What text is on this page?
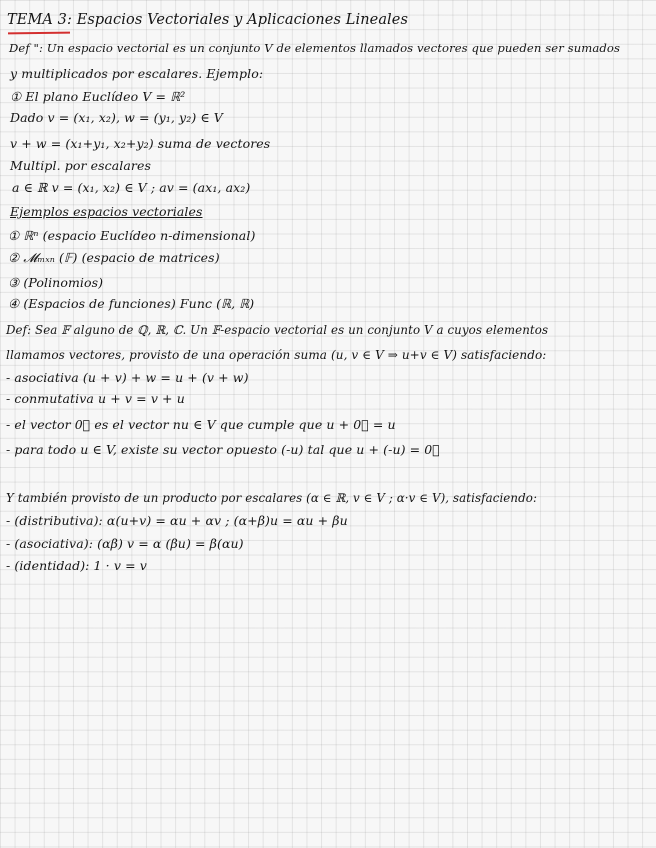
TEMA 3: Espacios Vectoriales y Aplicaciones Lineales
Def ": Un espacio vectorial es un conjunto V de elementos llamados vectores que pueden ser sumados
y multiplicados por escalares. Ejemplo:
① El plano Euclídeo V = ℝ²
Dado v = (x₁, x₂), w = (y₁, y₂) ∈ V
v + w = (x₁+y₁, x₂+y₂) suma de vectores
Multipl. por escalares
a ∈ ℝ v = (x₁, x₂) ∈ V ; av = (ax₁, ax₂)
Ejemplos espacios vectoriales
① ℝⁿ (espacio Euclídeo n-dimensional)
② 𝓜ₘₓₙ (𝔽) (espacio de matrices)
③ (Polinomios)
④ (Espacios de funciones) Func (ℝ, ℝ)
Def: Sea 𝔽 alguno de ℚ, ℝ, ℂ. Un 𝔽-espacio vectorial es un conjunto V a cuyos elementos
llamamos vectores, provisto de una operación suma (u, v ∈ V ⇒ u+v ∈ V) satisfaciendo:
- asociativa (u + v) + w = u + (v + w)
- conmutativa u + v = v + u
- el vector 0⃗ es el vector nu ∈ V que cumple que u + 0⃗ = u
- para todo u ∈ V, existe su vector opuesto (-u) tal que u + (-u) = 0⃗
Y también provisto de un producto por escalares (α ∈ ℝ, v ∈ V ; α·v ∈ V), satisfaciendo:
- (distributiva): α(u+v) = αu + αv ; (α+β)u = αu + βu
- (asociativa): (αβ) v = α (βu) = β(αu)
- (identidad): 1 · v = v
